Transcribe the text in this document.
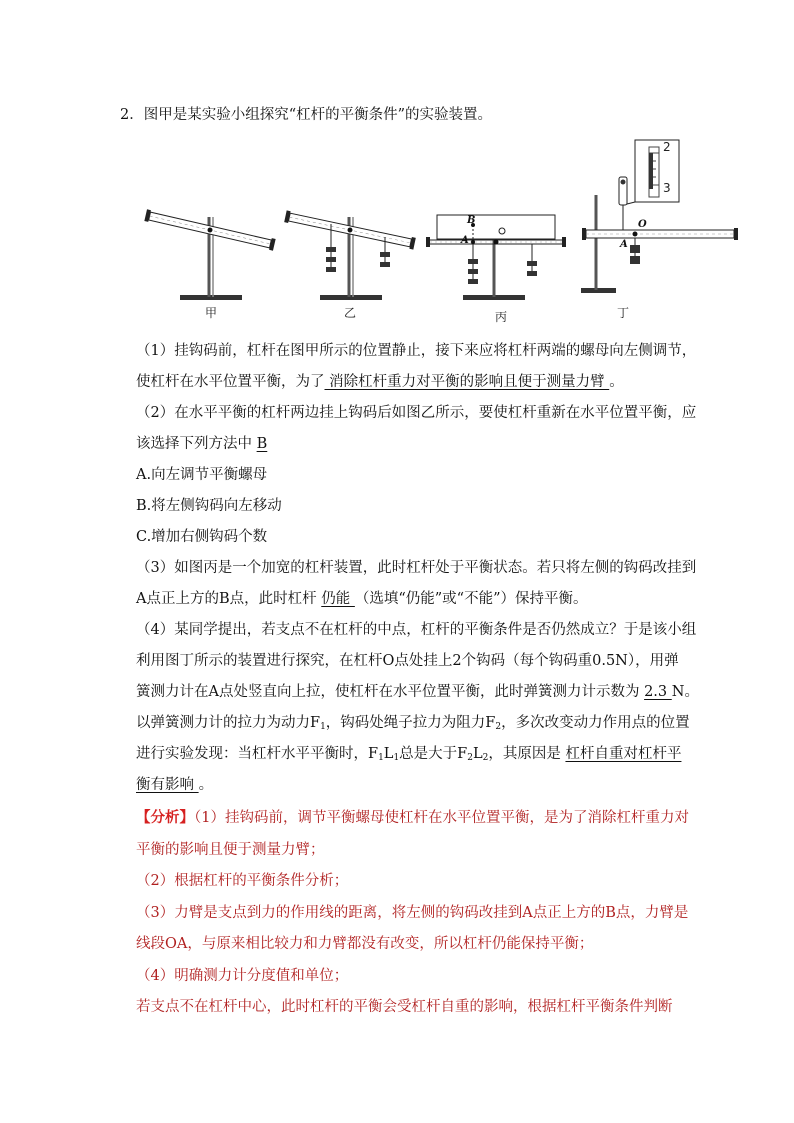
2．图甲是某实验小组探究“杠杆的平衡条件”的实验装置。
B
A
2
3
O
A
甲	乙	丙	丁
（1）挂钩码前，杠杆在图甲所示的位置静止，接下来应将杠杆两端的螺母向左侧调节，
使杠杆在水平位置平衡，为了 消除杠杆重力对平衡的影响且便于测量力臂 。
（2）在水平平衡的杠杆两边挂上钩码后如图乙所示，要使杠杆重新在水平位置平衡，应
该选择下列方法中 B
A.向左调节平衡螺母
B.将左侧钩码向左移动
C.增加右侧钩码个数
（3）如图丙是一个加宽的杠杆装置，此时杠杆处于平衡状态。若只将左侧的钩码改挂到
A点正上方的B点，此时杠杆 仍能 （选填“仍能”或“不能”）保持平衡。
（4）某同学提出，若支点不在杠杆的中点，杠杆的平衡条件是否仍然成立？于是该小组
利用图丁所示的装置进行探究，在杠杆O点处挂上2个钩码（每个钩码重0.5N），用弹
簧测力计在A点处竖直向上拉，使杠杆在水平位置平衡，此时弹簧测力计示数为 2.3 N。
以弹簧测力计的拉力为动力$F_1$，钩码处绳子拉力为阻力$F_2$，多次改变动力作用点的位置
进行实验发现：当杠杆水平平衡时，$F_1L_1$总是大于$F_2L_2$，其原因是 杠杆自重对杠杆平
衡有影响 。
【分析】（1）挂钩码前，调节平衡螺母使杠杆在水平位置平衡，是为了消除杠杆重力对
平衡的影响且便于测量力臂；
（2）根据杠杆的平衡条件分析；
（3）力臂是支点到力的作用线的距离，将左侧的钩码改挂到A点正上方的B点，力臂是
线段OA，与原来相比较力和力臂都没有改变，所以杠杆仍能保持平衡；
（4）明确测力计分度值和单位；
若支点不在杠杆中心，此时杠杆的平衡会受杠杆自重的影响，根据杠杆平衡条件判断
